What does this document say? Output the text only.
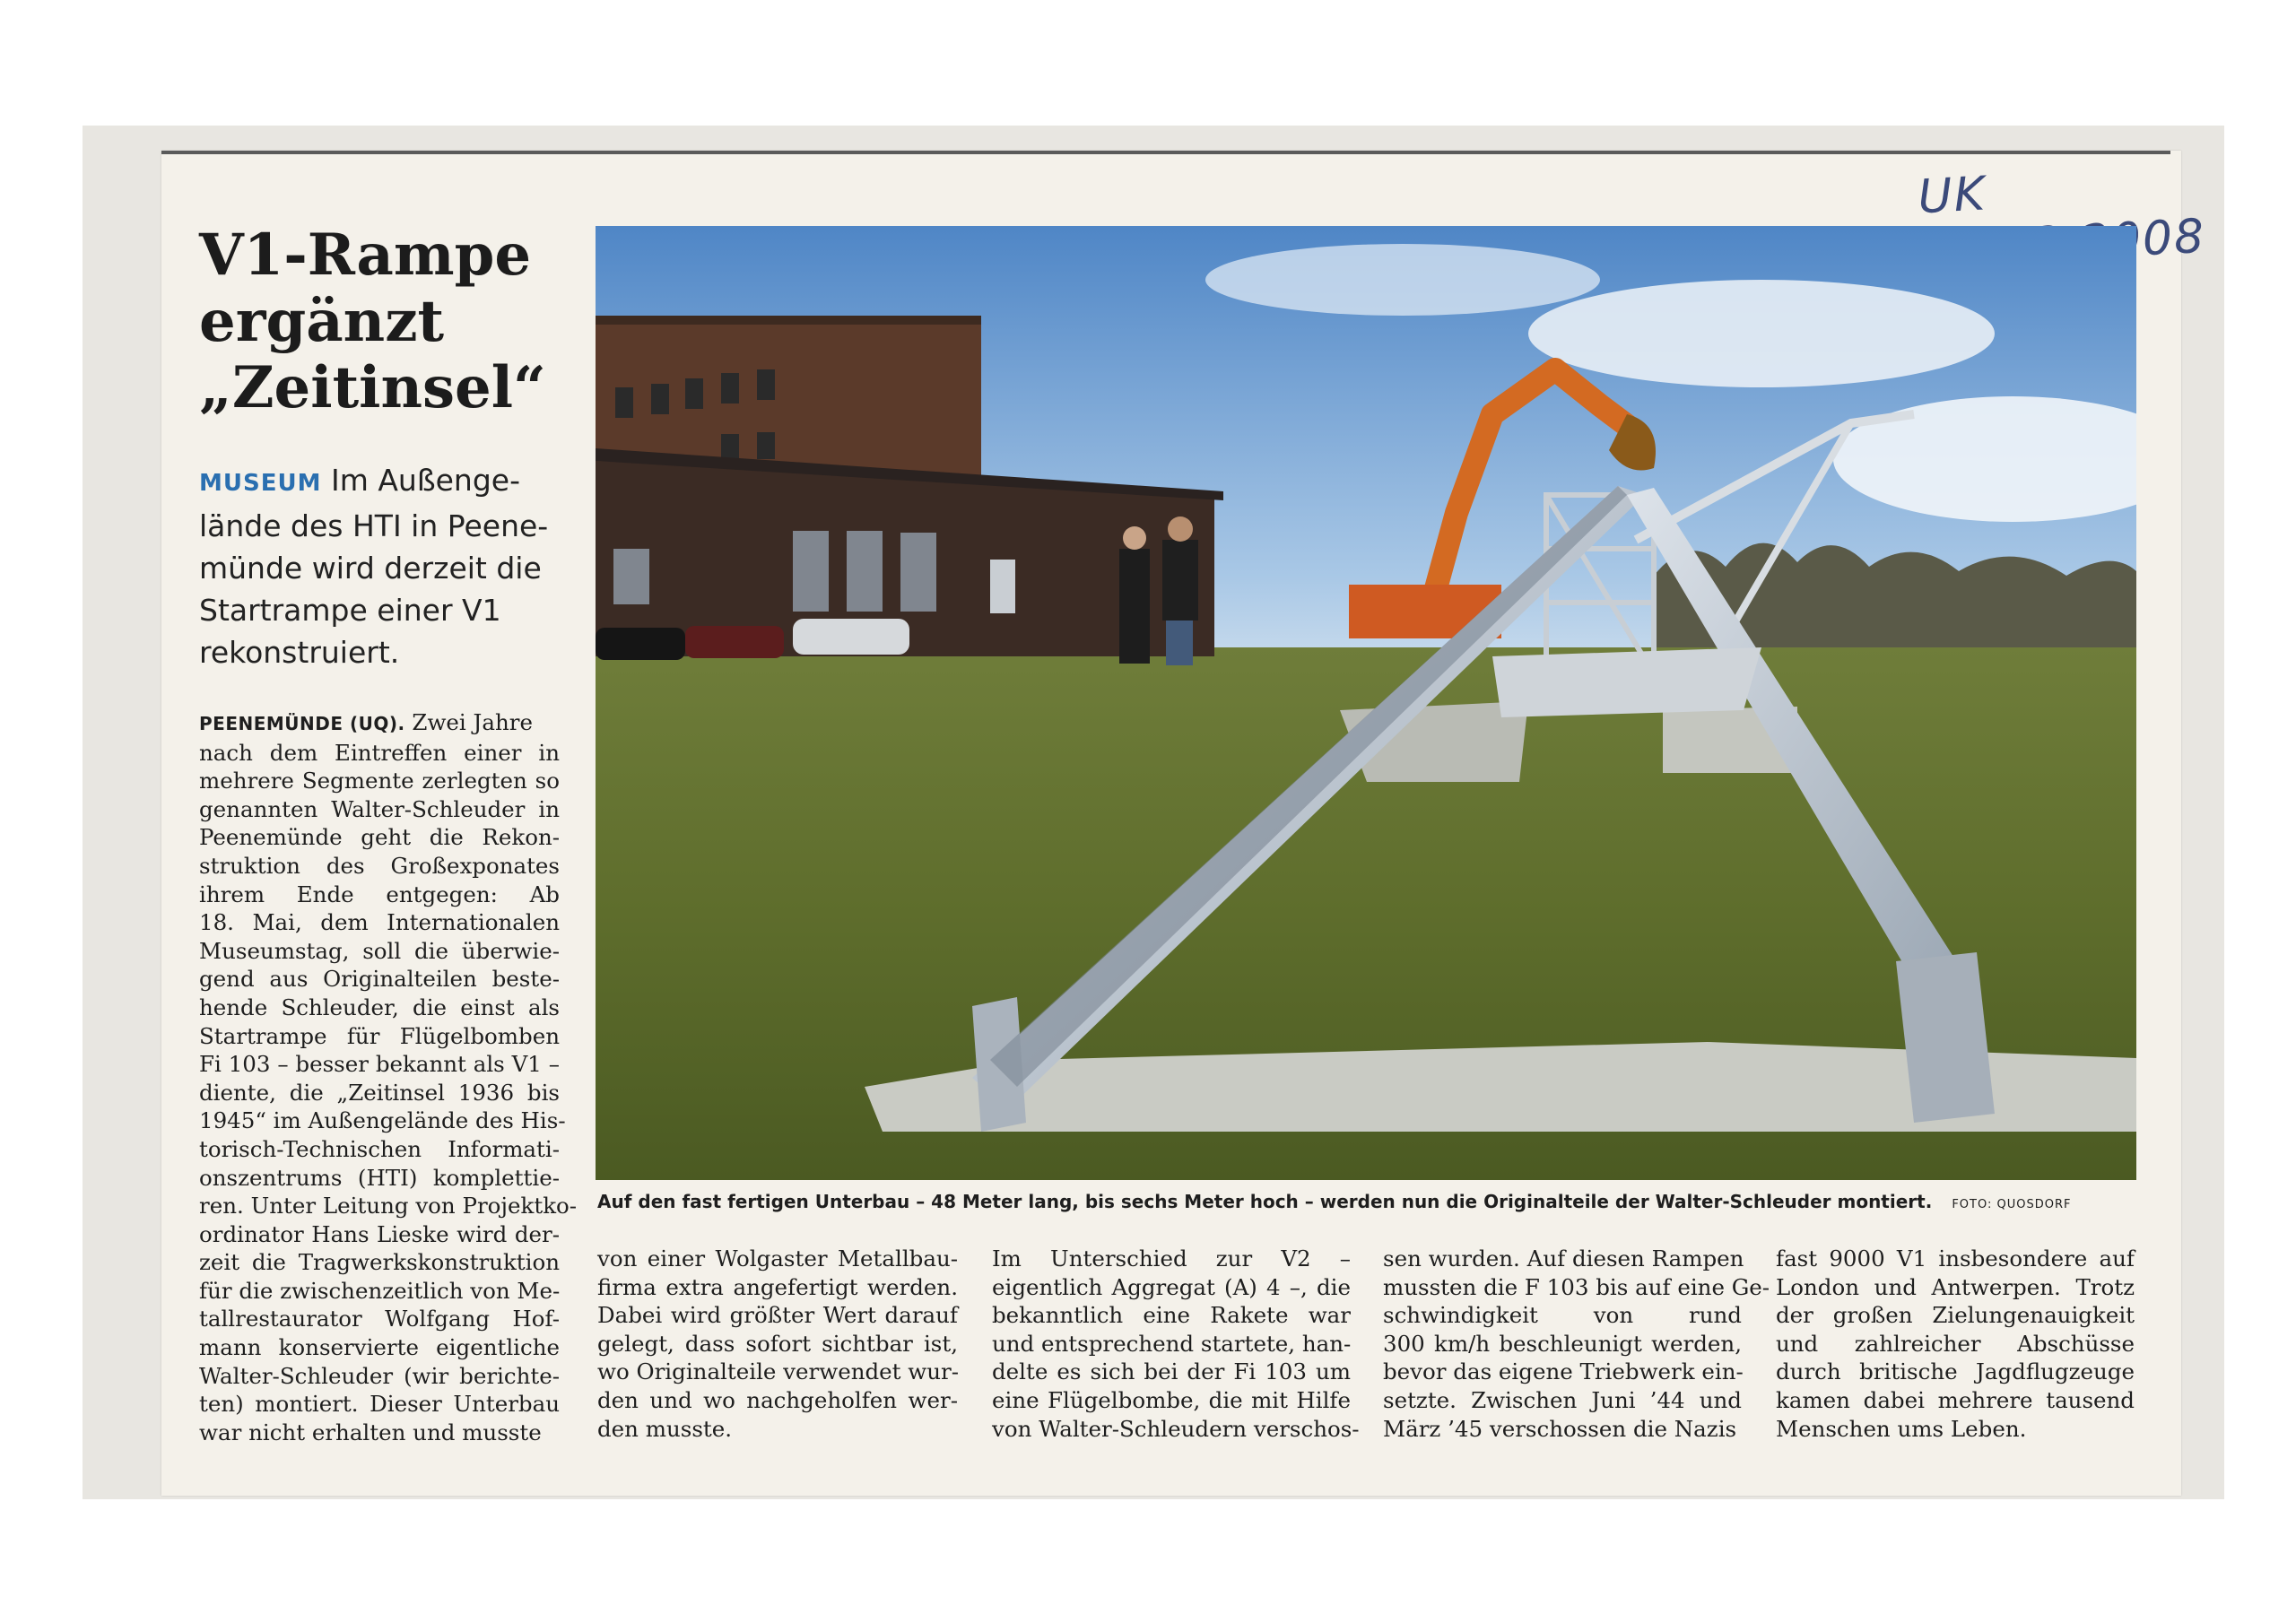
UK
V1-Rampe
ergänzt
„Zeitinsel“
MUSEUM Im Außenge-
lände des HTI in Peene-
münde wird derzeit die
Startrampe einer V1
rekonstruiert.
PEENEMÜNDE (UQ). Zwei Jahre
nach dem Eintreffen einer in
mehrere Segmente zerlegten so
genannten Walter-Schleuder in
Peenemünde geht die Rekon-
struktion des Großexponates
ihrem Ende entgegen: Ab
18. Mai, dem Internationalen
Museumstag, soll die überwie-
gend aus Originalteilen beste-
hende Schleuder, die einst als
Startrampe für Flügelbomben
Fi 103 – besser bekannt als V1 –
diente, die „Zeitinsel 1936 bis
1945“ im Außengelände des His-
torisch-Technischen Informati-
onszentrums (HTI) komplettie-
ren. Unter Leitung von Projektko-
ordinator Hans Lieske wird der-
zeit die Tragwerkskonstruktion
für die zwischenzeitlich von Me-
tallrestaurator Wolfgang Hof-
mann konservierte eigentliche
Walter-Schleuder (wir berichte-
ten) montiert. Dieser Unterbau
war nicht erhalten und musste
von einer Wolgaster Metallbau-
firma extra angefertigt werden.
Dabei wird größter Wert darauf
gelegt, dass sofort sichtbar ist,
wo Originalteile verwendet wur-
den und wo nachgeholfen wer-
den musste.
Im Unterschied zur V2 –
eigentlich Aggregat (A) 4 –, die
bekanntlich eine Rakete war
und entsprechend startete, han-
delte es sich bei der Fi 103 um
eine Flügelbombe, die mit Hilfe
von Walter-Schleudern verschos-
sen wurden. Auf diesen Rampen
mussten die F 103 bis auf eine Ge-
schwindigkeit von rund
300 km/h beschleunigt werden,
bevor das eigene Triebwerk ein-
setzte. Zwischen Juni ’44 und
März ’45 verschossen die Nazis
fast 9000 V1 insbesondere auf
London und Antwerpen. Trotz
der großen Zielungenauigkeit
und zahlreicher Abschüsse
durch britische Jagdflugzeuge
kamen dabei mehrere tausend
Menschen ums Leben.
Auf den fast fertigen Unterbau – 48 Meter lang, bis sechs Meter hoch – werden nun die Originalteile der Walter-Schleuder montiert. FOTO: QUOSDORF
